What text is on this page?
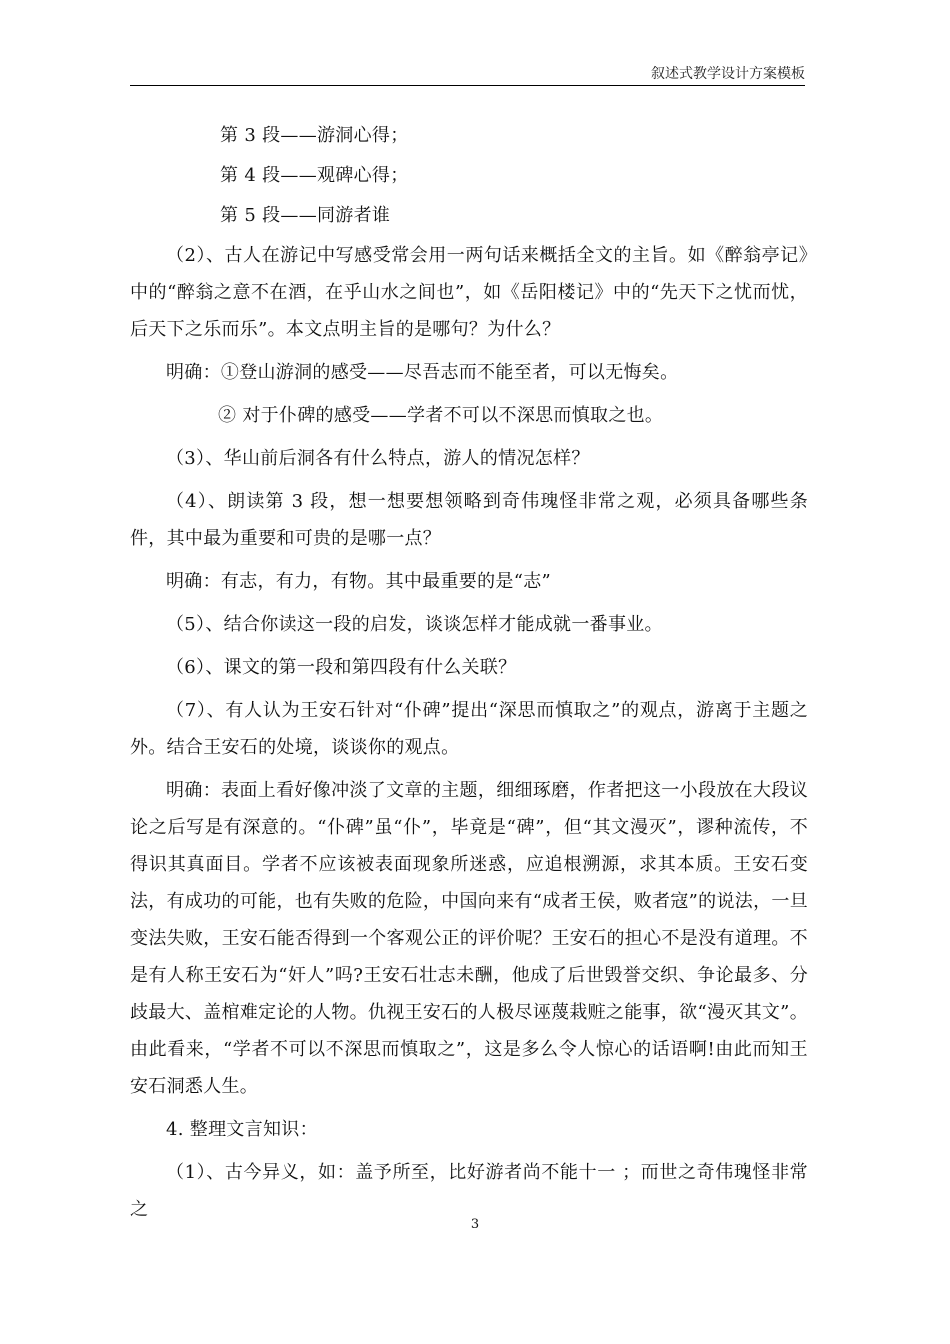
叙述式教学设计方案模板

第 3 段——游洞心得；

第 4 段——观碑心得；

第 5 段——同游者谁

（2）、古人在游记中写感受常会用一两句话来概括全文的主旨。如《醉翁亭记》中的“醉翁之意不在酒，在乎山水之间也”，如《岳阳楼记》中的“先天下之忧而忧，后天下之乐而乐”。本文点明主旨的是哪句？为什么？

明确：①登山游洞的感受——尽吾志而不能至者，可以无悔矣。

② 对于仆碑的感受——学者不可以不深思而慎取之也。

（3）、华山前后洞各有什么特点，游人的情况怎样？

（4）、朗读第 3 段，想一想要想领略到奇伟瑰怪非常之观，必须具备哪些条件，其中最为重要和可贵的是哪一点？

明确：有志，有力，有物。其中最重要的是“志”

（5）、结合你读这一段的启发，谈谈怎样才能成就一番事业。

（6）、课文的第一段和第四段有什么关联？

（7）、有人认为王安石针对“仆碑”提出“深思而慎取之”的观点，游离于主题之外。结合王安石的处境，谈谈你的观点。

明确：表面上看好像冲淡了文章的主题，细细琢磨，作者把这一小段放在大段议论之后写是有深意的。“仆碑”虽“仆”，毕竟是“碑”，但“其文漫灭”，谬种流传，不得识其真面目。学者不应该被表面现象所迷惑，应追根溯源，求其本质。王安石变法，有成功的可能，也有失败的危险，中国向来有“成者王侯，败者寇”的说法，一旦变法失败，王安石能否得到一个客观公正的评价呢？王安石的担心不是没有道理。不是有人称王安石为“奸人”吗?王安石壮志未酬，他成了后世毁誉交织、争论最多、分歧最大、盖棺难定论的人物。仇视王安石的人极尽诬蔑栽赃之能事，欲“漫灭其文”。由此看来，“学者不可以不深思而慎取之”，这是多么令人惊心的话语啊!由此而知王安石洞悉人生。

4. 整理文言知识：

（1）、古今异义，如：盖予所至，比好游者尚不能十一 ；而世之奇伟瑰怪非常之

3
